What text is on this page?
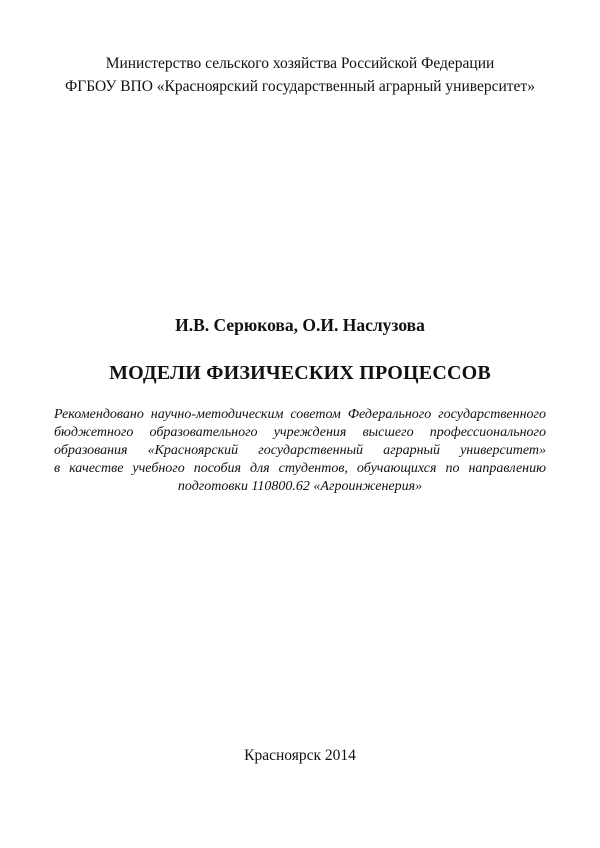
Министерство сельского хозяйства Российской Федерации
ФГБОУ ВПО «Красноярский государственный аграрный университет»
И.В. Серюкова, О.И. Наслузова
МОДЕЛИ ФИЗИЧЕСКИХ ПРОЦЕССОВ
Рекомендовано научно-методическим советом Федерального государственного
бюджетного образовательного учреждения высшего профессионального
образования «Красноярский государственный аграрный университет»
в качестве учебного пособия для студентов, обучающихся по направлению
подготовки 110800.62 «Агроинженерия»
Красноярск 2014
